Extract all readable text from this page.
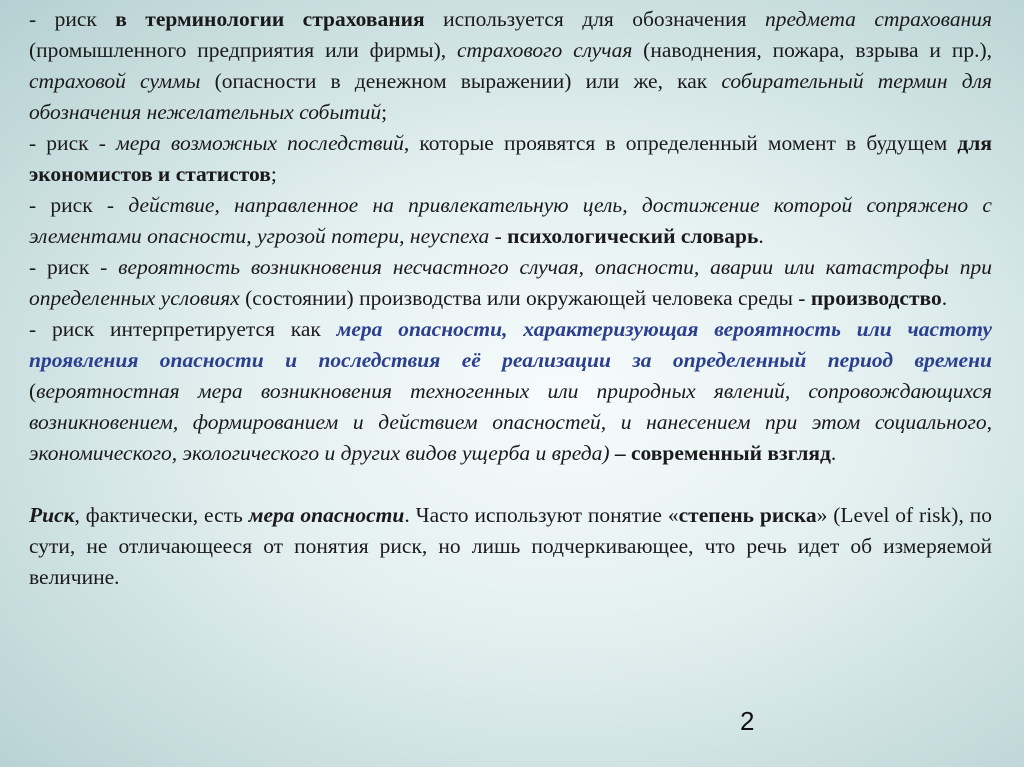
- риск в терминологии страхования используется для обозначения предмета страхования (промышленного предприятия или фирмы), страхового случая (наводнения, пожара, взрыва и пр.), страховой суммы (опасности в денежном выражении) или же, как собирательный термин для обозначения нежелательных событий;

- риск - мера возможных последствий, которые проявятся в определенный момент в будущем для экономистов и статистов;

- риск - действие, направленное на привлекательную цель, достижение которой сопряжено с элементами опасности, угрозой потери, неуспеха - психологический словарь.

- риск - вероятность возникновения несчастного случая, опасности, аварии или катастрофы при определенных условиях (состоянии) производства или окружающей человека среды - производство.

- риск интерпретируется как мера опасности, характеризующая вероятность или частоту проявления опасности и последствия её реализации за определенный период времени (вероятностная мера возникновения техногенных или природных явлений, сопровождающихся возникновением, формированием и действием опасностей, и нанесением при этом социального, экономического, экологического и других видов ущерба и вреда) – современный взгляд.

Риск, фактически, есть мера опасности. Часто используют понятие «степень риска» (Level of risk), по сути, не отличающееся от понятия риск, но лишь подчеркивающее, что речь идет об измеряемой величине.

2
